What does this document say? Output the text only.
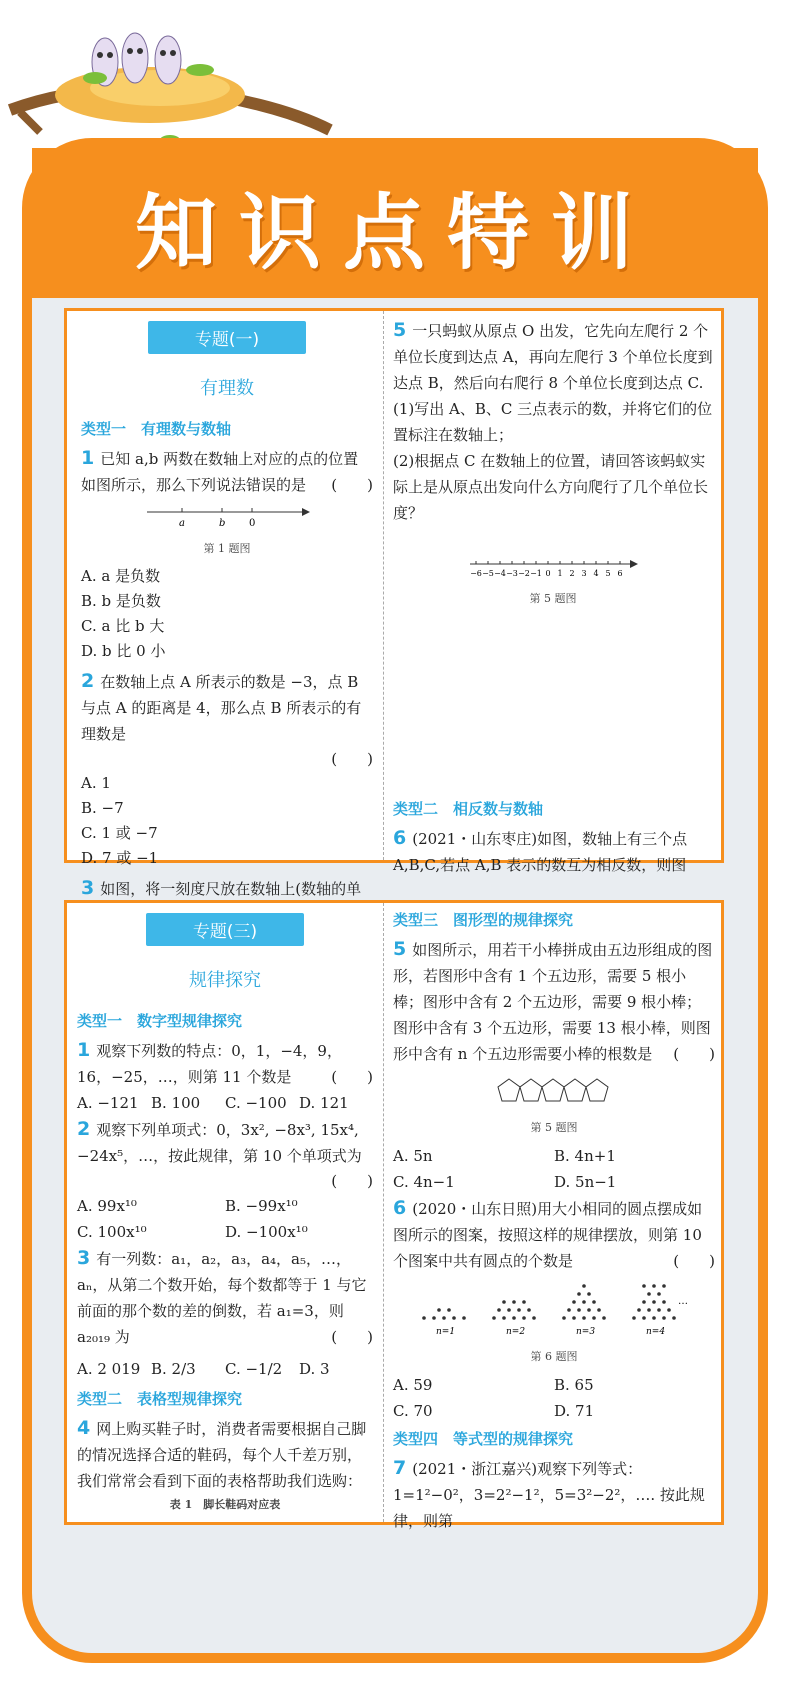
知识点特训
专题(一)
有理数
类型一　有理数与数轴

1 已知 a,b 两数在数轴上对应的点的位置如图所示，那么下列说法错误的是 (　　)

a	b 0
第 1 题图
A. a 是负数
B. b 是负数
C. a 比 b 大
D. b 比 0 小

2 在数轴上点 A 所表示的数是 −3，点 B 与点 A 的距离是 4，那么点 B 所表示的有理数是

(　　)
A. 1
B. −7
C. 1 或 −7
D. 7 或 −1

3 如图，将一刻度尺放在数轴上(数轴的单

5 一只蚂蚁从原点 O 出发，它先向左爬行 2 个单位长度到达点 A，再向左爬行 3 个单位长度到达点 B，然后向右爬行 8 个单位长度到达点 C.

(1)写出 A、B、C 三点表示的数，并将它们的位置标注在数轴上；

(2)根据点 C 在数轴上的位置，请回答该蚂蚁实际上是从原点出发向什么方向爬行了几个单位长度？

−6 −5 −4 −3 −2 −1 0 1 2 3 4 5 6
第 5 题图
类型二　相反数与数轴

6 (2021・山东枣庄)如图，数轴上有三个点 A,B,C,若点 A,B 表示的数互为相反数，则图

专题(三)
规律探究
类型一　数字型规律探究

1 观察下列数的特点：0，1，−4，9，16，−25，…，则第 11 个数是	(　　)

A. −121 B. 100	C. −100 D. 121

2 观察下列单项式：0，3x², −8x³, 15x⁴, −24x⁵，…，按此规律，第 10 个单项式为

(　　)
A. 99x¹⁰	B. −99x¹⁰
C. 100x¹⁰	D. −100x¹⁰

3 有一列数：a₁，a₂，a₃，a₄，a₅，…，aₙ，从第二个数开始，每个数都等于 1 与它前面的那个数的差的倒数，若 a₁=3，则 a₂₀₁₉ 为	(　　)

A. 2 019 B. 2/3	C. −1/2	D. 3
类型二　表格型规律探究

4 网上购买鞋子时，消费者需要根据自己脚的情况选择合适的鞋码，每个人千差万别，我们常常会看到下面的表格帮助我们选购：

表 1　脚长鞋码对应表
类型三　图形型的规律探究

5 如图所示，用若干小棒拼成由五边形组成的图形，若图形中含有 1 个五边形，需要 5 根小棒；图形中含有 2 个五边形，需要 9 根小棒；图形中含有 3 个五边形，需要 13 根小棒，则图形中含有 n 个五边形需要小棒的根数是 (　　)

第 5 题图
A. 5n	B. 4n+1
C. 4n−1	D. 5n−1

6 (2020・山东日照)用大小相同的圆点摆成如图所示的图案，按照这样的规律摆放，则第 10 个图案中共有圆点的个数是	(　　)

n=1	n=2	n=3	n=4
…
第 6 题图
A. 59	B. 65
C. 70	D. 71
类型四　等式型的规律探究

7 (2021・浙江嘉兴)观察下列等式：1=1²−0²，3=2²−1²，5=3²−2²，…. 按此规律，则第
